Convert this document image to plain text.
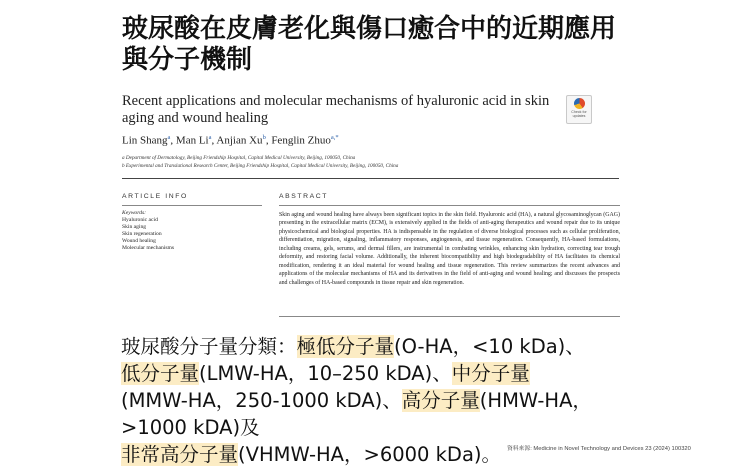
玻尿酸在皮膚老化與傷口癒合中的近期應用
與分子機制
Recent applications and molecular mechanisms of hyaluronic acid in skin
aging and wound healing	Check for updates
Lin Shang$^a$, Man Li$^a$, Anjian Xu$^b$, Fenglin Zhuo$^{a,*}$
a Department of Dermatology, Beijing Friendship Hospital, Capital Medical University, Beijing, 100050, China
b Experimental and Translational Research Center, Beijing Friendship Hospital, Capital Medical University, Beijing, 100050, China
ARTICLE INFO	ABSTRACT
Keywords:
Hyaluronic acid
Skin aging
Skin regeneration
Wound healing
Molecular mechanisms

Skin aging and wound healing have always been significant topics in the skin field. Hyaluronic acid (HA), a natural glycosaminoglycan (GAG) presenting in the extracellular matrix (ECM), is extensively applied in the fields of anti-aging therapeutics and wound repair due to its unique physicochemical and biological properties. HA is indispensable in the regulation of diverse biological processes such as cellular proliferation, differentiation, migration, signaling, inflammatory responses, angiogenesis, and tissue regeneration. Consequently, HA-based formulations, including creams, gels, serums, and dermal fillers, are instrumental in combating wrinkles, enhancing skin hydration, correcting tear trough deformity, and restoring facial volume. Additionally, the inherent biocompatibility and high biodegradability of HA facilitates its chemical modification, rendering it an ideal material for wound healing and tissue regeneration. This review summarizes the recent advances and applications of the molecular mechanisms of HA and its derivatives in the field of anti-aging and wound healing; and discusses the prospects and challenges of HA-based compounds in tissue repair and skin regeneration.

玻尿酸分子量分類：極低分子量(O-HA，<10 kDa)、
低分子量(LMW-HA，10–250 kDA)、中分子量
(MMW-HA，250-1000 kDA)、高分子量(HMW-HA，>1000 kDA)及
非常高分子量(VHMW-HA，>6000 kDa)。	資料來源: Medicine in Novel Technology and Devices 23 (2024) 100320
